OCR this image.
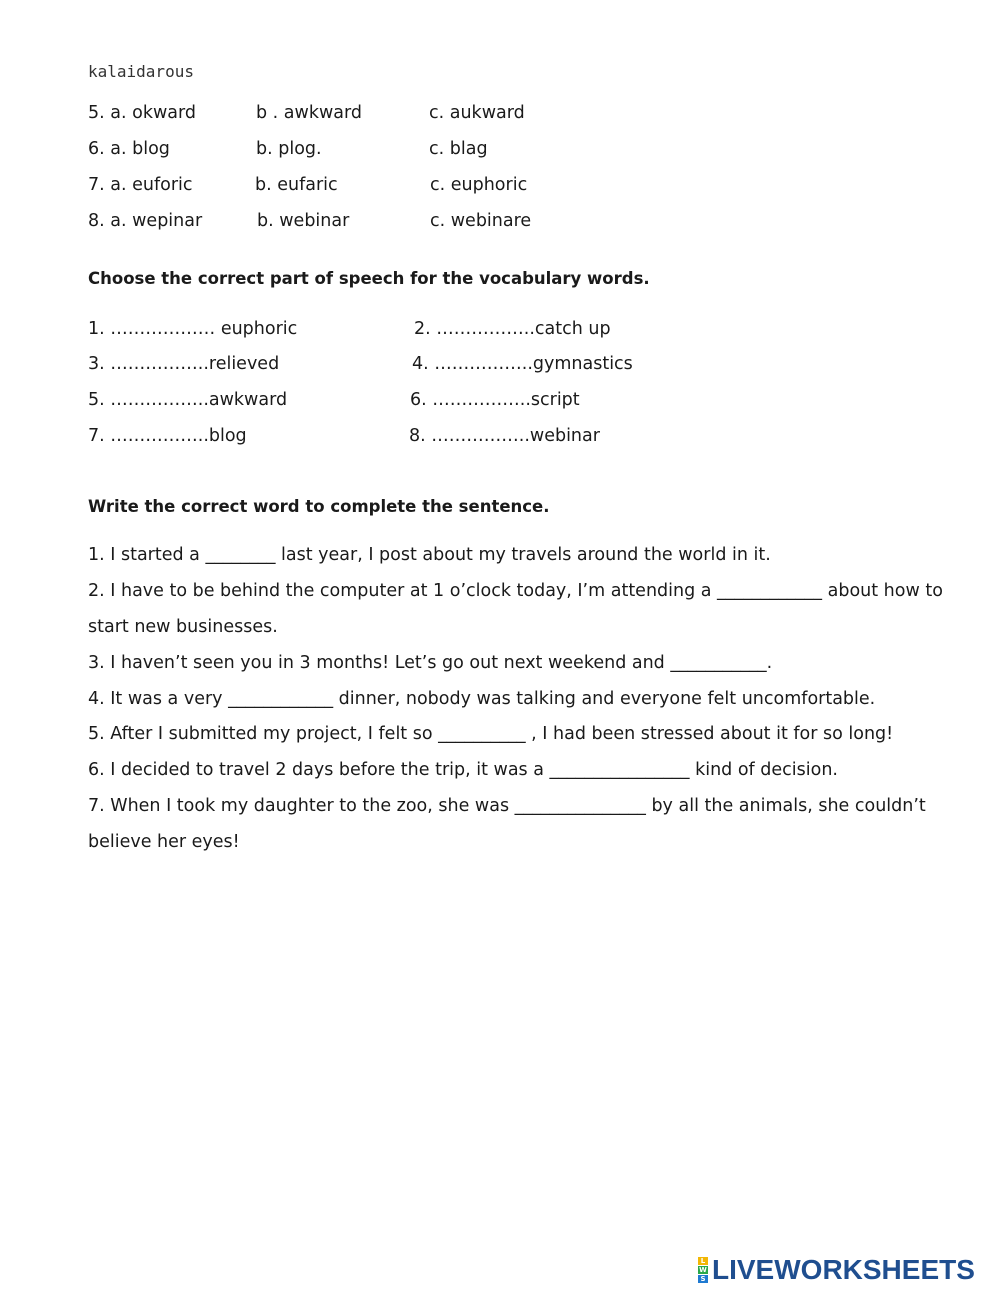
kalaidarous
5. a. okward	b . awkward	c. aukward
6. a. blog	b. plog.	c. blag
7. a. euforic	b. eufaric	c. euphoric
8. a. wepinar	b. webinar	c. webinare
Choose the correct part of speech for the vocabulary words.
1. ……………… euphoric	2. ……………..catch up
3. ……………..relieved	4. ……………..gymnastics
5. ……………..awkward	6. ……………..script
7. ……………..blog	8. ……………..webinar
Write the correct word to complete the sentence.
1. I started a ________ last year, I post about my travels around the world in it.
2. I have to be behind the computer at 1 o’clock today, I’m attending a ____________ about how to
start new businesses.
3. I haven’t seen you in 3 months! Let’s go out next weekend and ___________.
4. It was a very ____________ dinner, nobody was talking and everyone felt uncomfortable.
5. After I submitted my project, I felt so __________ , I had been stressed about it for so long!
6. I decided to travel 2 days before the trip, it was a ________________ kind of decision.
7. When I took my daughter to the zoo, she was _______________ by all the animals, she couldn’t
believe her eyes!
L
W
S LIVEWORKSHEETS
